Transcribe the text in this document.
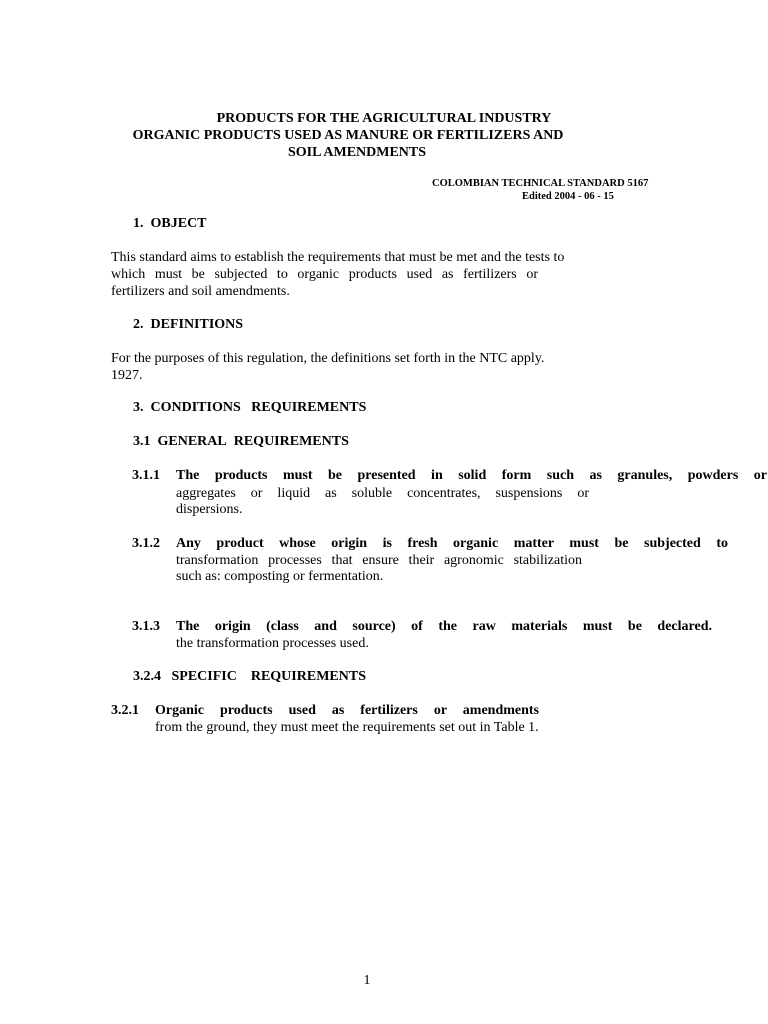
PRODUCTS FOR THE AGRICULTURAL INDUSTRY
ORGANIC PRODUCTS USED AS MANURE OR FERTILIZERS AND
SOIL AMENDMENTS
COLOMBIAN TECHNICAL STANDARD 5167
Edited 2004 - 06 - 15
1.  OBJECT
This standard aims to establish the requirements that must be met and the tests to
which must be subjected to organic products used as fertilizers or
fertilizers and soil amendments.
2.  DEFINITIONS
For the purposes of this regulation, the definitions set forth in the NTC apply.
1927.
3.  CONDITIONS   REQUIREMENTS
3.1  GENERAL  REQUIREMENTS
3.1.1 The products must be presented in solid form such as granules, powders or
aggregates or liquid as soluble concentrates, suspensions or
dispersions.
3.1.2 Any product whose origin is fresh organic matter must be subjected to
transformation processes that ensure their agronomic stabilization
such as: composting or fermentation.
3.1.3 The origin (class and source) of the raw materials must be declared.
the transformation processes used.
3.2.4   SPECIFIC    REQUIREMENTS
3.2.1 Organic products used as fertilizers or amendments
from the ground, they must meet the requirements set out in Table 1.
1
